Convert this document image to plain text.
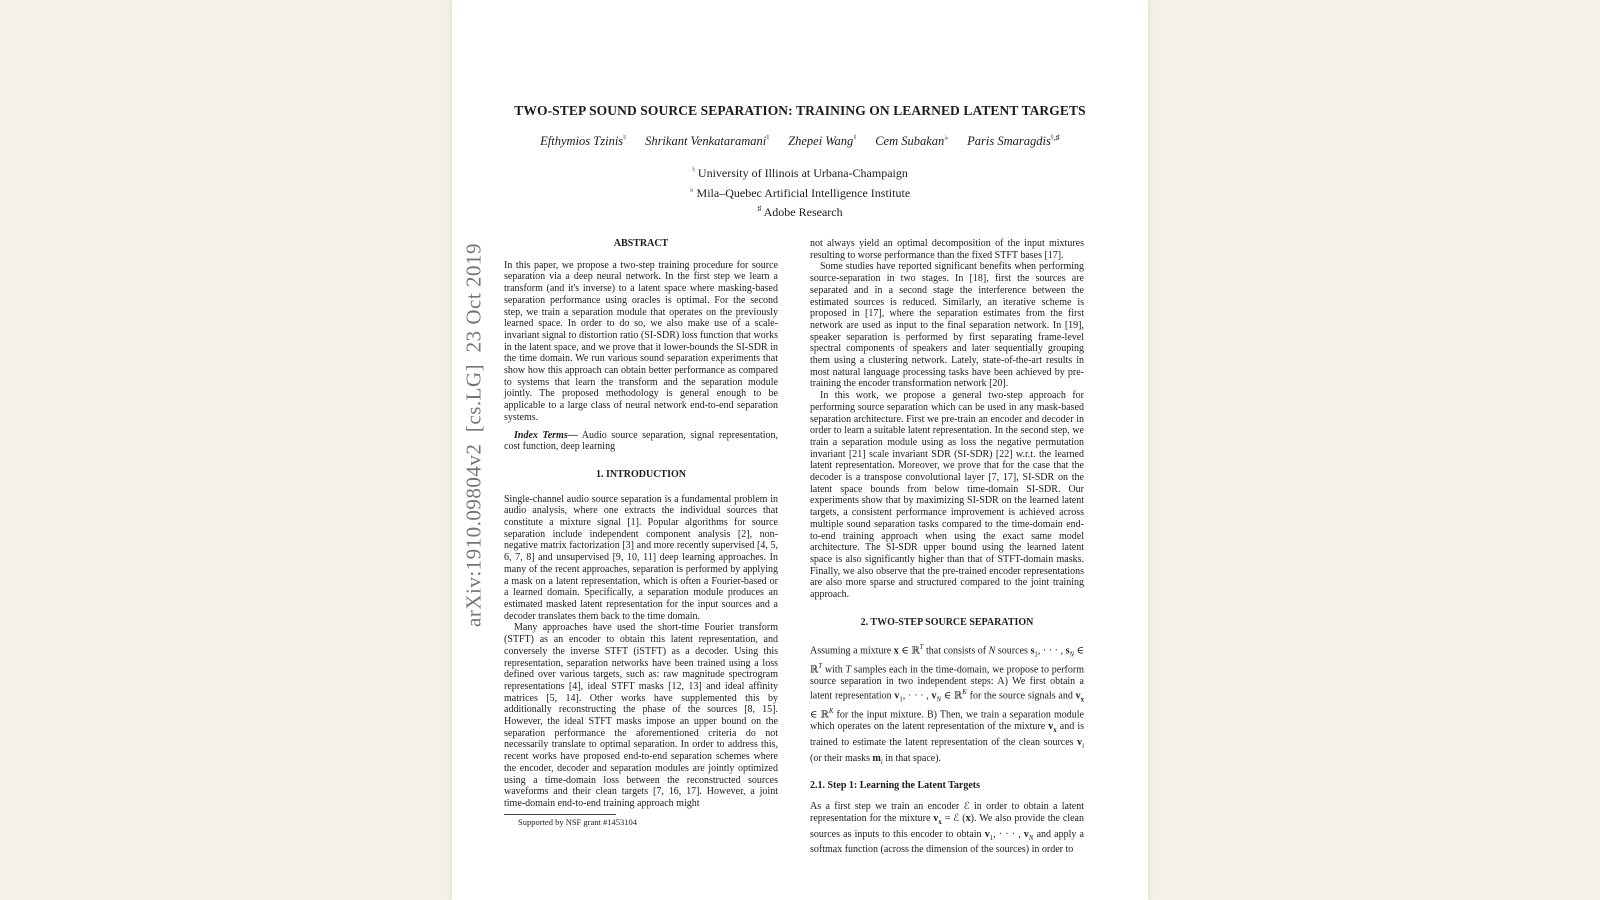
arXiv:1910.09804v2  [cs.LG]  23 Oct 2019
TWO-STEP SOUND SOURCE SEPARATION: TRAINING ON LEARNED LATENT TARGETS
Efthymios Tzinis♮ Shrikant Venkataramani♮ Zhepei Wang♮ Cem Subakan♭ Paris Smaragdis♮,♯
♮ University of Illinois at Urbana-Champaign
♭ Mila–Quebec Artificial Intelligence Institute
♯ Adobe Research
ABSTRACT

In this paper, we propose a two-step training procedure for source separation via a deep neural network. In the first step we learn a transform (and it's inverse) to a latent space where masking-based separation performance using oracles is optimal. For the second step, we train a separation module that operates on the previously learned space. In order to do so, we also make use of a scale-invariant signal to distortion ratio (SI-SDR) loss function that works in the latent space, and we prove that it lower-bounds the SI-SDR in the time domain. We run various sound separation experiments that show how this approach can obtain better performance as compared to systems that learn the transform and the separation module jointly. The proposed methodology is general enough to be applicable to a large class of neural network end-to-end separation systems.

Index Terms— Audio source separation, signal representation, cost function, deep learning

1. INTRODUCTION

Single-channel audio source separation is a fundamental problem in audio analysis, where one extracts the individual sources that constitute a mixture signal [1]. Popular algorithms for source separation include independent component analysis [2], non-negative matrix factorization [3] and more recently supervised [4, 5, 6, 7, 8] and unsupervised [9, 10, 11] deep learning approaches. In many of the recent approaches, separation is performed by applying a mask on a latent representation, which is often a Fourier-based or a learned domain. Specifically, a separation module produces an estimated masked latent representation for the input sources and a decoder translates them back to the time domain.

Many approaches have used the short-time Fourier transform (STFT) as an encoder to obtain this latent representation, and conversely the inverse STFT (iSTFT) as a decoder. Using this representation, separation networks have been trained using a loss defined over various targets, such as: raw magnitude spectrogram representations [4], ideal STFT masks [12, 13] and ideal affinity matrices [5, 14]. Other works have supplemented this by additionally reconstructing the phase of the sources [8, 15]. However, the ideal STFT masks impose an upper bound on the separation performance the aforementioned criteria do not necessarily translate to optimal separation. In order to address this, recent works have proposed end-to-end separation schemes where the encoder, decoder and separation modules are jointly optimized using a time-domain loss between the reconstructed sources waveforms and their clean targets [7, 16, 17]. However, a joint time-domain end-to-end training approach might

Supported by NSF grant #1453104

not always yield an optimal decomposition of the input mixtures resulting to worse performance than the fixed STFT bases [17].

Some studies have reported significant benefits when performing source-separation in two stages. In [18], first the sources are separated and in a second stage the interference between the estimated sources is reduced. Similarly, an iterative scheme is proposed in [17], where the separation estimates from the first network are used as input to the final separation network. In [19], speaker separation is performed by first separating frame-level spectral components of speakers and later sequentially grouping them using a clustering network. Lately, state-of-the-art results in most natural language processing tasks have been achieved by pre-training the encoder transformation network [20].

In this work, we propose a general two-step approach for performing source separation which can be used in any mask-based separation architecture. First we pre-train an encoder and decoder in order to learn a suitable latent representation. In the second step, we train a separation module using as loss the negative permutation invariant [21] scale invariant SDR (SI-SDR) [22] w.r.t. the learned latent representation. Moreover, we prove that for the case that the decoder is a transpose convolutional layer [7, 17], SI-SDR on the latent space bounds from below time-domain SI-SDR. Our experiments show that by maximizing SI-SDR on the learned latent targets, a consistent performance improvement is achieved across multiple sound separation tasks compared to the time-domain end-to-end training approach when using the exact same model architecture. The SI-SDR upper bound using the learned latent space is also significantly higher than that of STFT-domain masks. Finally, we also observe that the pre-trained encoder representations are also more sparse and structured compared to the joint training approach.

2. TWO-STEP SOURCE SEPARATION

Assuming a mixture x ∈ ℝ$^T$ that consists of N sources $s_1$, · · · , $s_N$ ∈ ℝ$^T$ with T samples each in the time-domain, we propose to perform source separation in two independent steps: A) We first obtain a latent representation $v_1$, · · · , $v_N$ ∈ ℝ$^K$ for the source signals and $v_x$ ∈ ℝ$^K$ for the input mixture. B) Then, we train a separation module which operates on the latent representation of the mixture $v_x$ and is trained to estimate the latent representation of the clean sources $v_i$ (or their masks $m_i$ in that space).

2.1. Step 1: Learning the Latent Targets

As a first step we train an encoder ℰ in order to obtain a latent representation for the mixture $v_x$ = ℰ (x). We also provide the clean sources as inputs to this encoder to obtain $v_1$, · · · , $v_N$ and apply a softmax function (across the dimension of the sources) in order to
